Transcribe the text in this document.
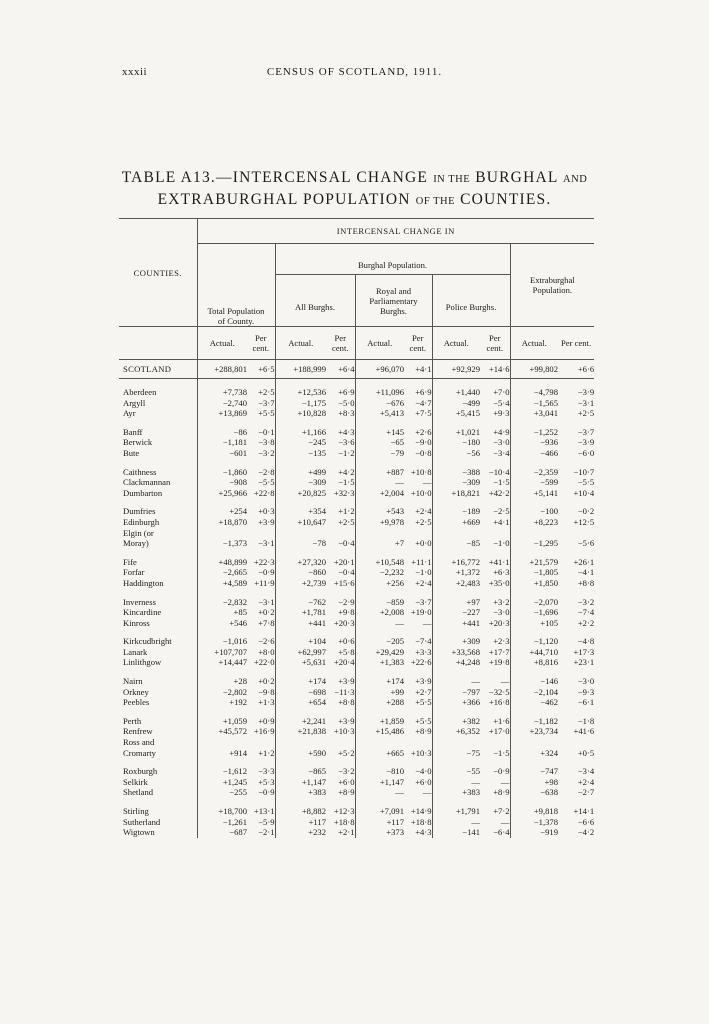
xxxii	CENSUS OF SCOTLAND, 1911.
TABLE A13.—INTERCENSAL CHANGE IN THE BURGHAL AND
EXTRABURGHAL POPULATION OF THE COUNTIES.
COUNTIES.	INTERCENSAL CHANGE IN										
	Total Population of County.		Burghal Population.						Extraburghal Population.		
			All Burghs.		Royal and Parliamentary Burghs.		Police Burghs.				

	Actual.	Per cent.	Actual.	Per cent.	Actual.	Per cent.	Actual.	Per cent.	Actual.	Per cent.	
SCOTLAND	+288,801	+6·5	+188,999	+6·4	+96,070	+4·1	+92,929	+14·6	+99,802	+6·6	

Aberdeen	+7,738	+2·5	+12,536	+6·9	+11,096	+6·9	+1,440	+7·0	−4,798	−3·9	
Argyll	−2,740	−3·7	−1,175	−5·0	−676	−4·7	−499	−5·4	−1,565	−3·1	
Ayr	+13,869	+5·5	+10,828	+8·3	+5,413	+7·5	+5,415	+9·3	+3,041	+2·5	

Banff	−86	−0·1	+1,166	+4·3	+145	+2·6	+1,021	+4·9	−1,252	−3·7	
Berwick	−1,181	−3·8	−245	−3·6	−65	−9·0	−180	−3·0	−936	−3·9	
Bute	−601	−3·2	−135	−1·2	−79	−0·8	−56	−3·4	−466	−6·0	

Caithness	−1,860	−2·8	+499	+4·2	+887	+10·8	−388	−10·4	−2,359	−10·7	
Clackmannan	−908	−5·5	−309	−1·5	—	—	−309	−1·5	−599	−5·5	
Dumbarton	+25,966	+22·8	+20,825	+32·3	+2,004	+10·0	+18,821	+42·2	+5,141	+10·4	

Dumfries	+254	+0·3	+354	+1·2	+543	+2·4	−189	−2·5	−100	−0·2	
Edinburgh	+18,870	+3·9	+10,647	+2·5	+9,978	+2·5	+669	+4·1	+8,223	+12·5	
Elgin (or											
Moray)	−1,373	−3·1	−78	−0·4	+7	+0·0	−85	−1·0	−1,295	−5·6	

Fife	+48,899	+22·3	+27,320	+20·1	+10,548	+11·1	+16,772	+41·1	+21,579	+26·1	
Forfar	−2,665	−0·9	−860	−0·4	−2,232	−1·0	+1,372	+6·3	−1,805	−4·1	
Haddington	+4,589	+11·9	+2,739	+15·6	+256	+2·4	+2,483	+35·0	+1,850	+8·8	

Inverness	−2,832	−3·1	−762	−2·9	−859	−3·7	+97	+3·2	−2,070	−3·2	
Kincardine	+85	+0·2	+1,781	+9·8	+2,008	+19·0	−227	−3·0	−1,696	−7·4	
Kinross	+546	+7·8	+441	+20·3	—	—	+441	+20·3	+105	+2·2	

Kirkcudbright	−1,016	−2·6	+104	+0·6	−205	−7·4	+309	+2·3	−1,120	−4·8	
Lanark	+107,707	+8·0	+62,997	+5·8	+29,429	+3·3	+33,568	+17·7	+44,710	+17·3	
Linlithgow	+14,447	+22·0	+5,631	+20·4	+1,383	+22·6	+4,248	+19·8	+8,816	+23·1	

Nairn	+28	+0·2	+174	+3·9	+174	+3·9	—	—	−146	−3·0	
Orkney	−2,802	−9·8	−698	−11·3	+99	+2·7	−797	−32·5	−2,104	−9·3	
Peebles	+192	+1·3	+654	+8·8	+288	+5·5	+366	+16·8	−462	−6·1	

Perth	+1,059	+0·9	+2,241	+3·9	+1,859	+5·5	+382	+1·6	−1,182	−1·8	
Renfrew	+45,572	+16·9	+21,838	+10·3	+15,486	+8·9	+6,352	+17·0	+23,734	+41·6	
Ross and											
Cromarty	+914	+1·2	+590	+5·2	+665	+10·3	−75	−1·5	+324	+0·5	

Roxburgh	−1,612	−3·3	−865	−3·2	−810	−4·0	−55	−0·9	−747	−3·4	
Selkirk	+1,245	+5·3	+1,147	+6·0	+1,147	+6·0	—	—	+98	+2·4	
Shetland	−255	−0·9	+383	+8·9	—	—	+383	+8·9	−638	−2·7	

Stirling	+18,700	+13·1	+8,882	+12·3	+7,091	+14·9	+1,791	+7·2	+9,818	+14·1	
Sutherland	−1,261	−5·9	+117	+18·8	+117	+18·8	—	—	−1,378	−6·6	
Wigtown	−687	−2·1	+232	+2·1	+373	+4·3	−141	−6·4	−919	−4·2	
